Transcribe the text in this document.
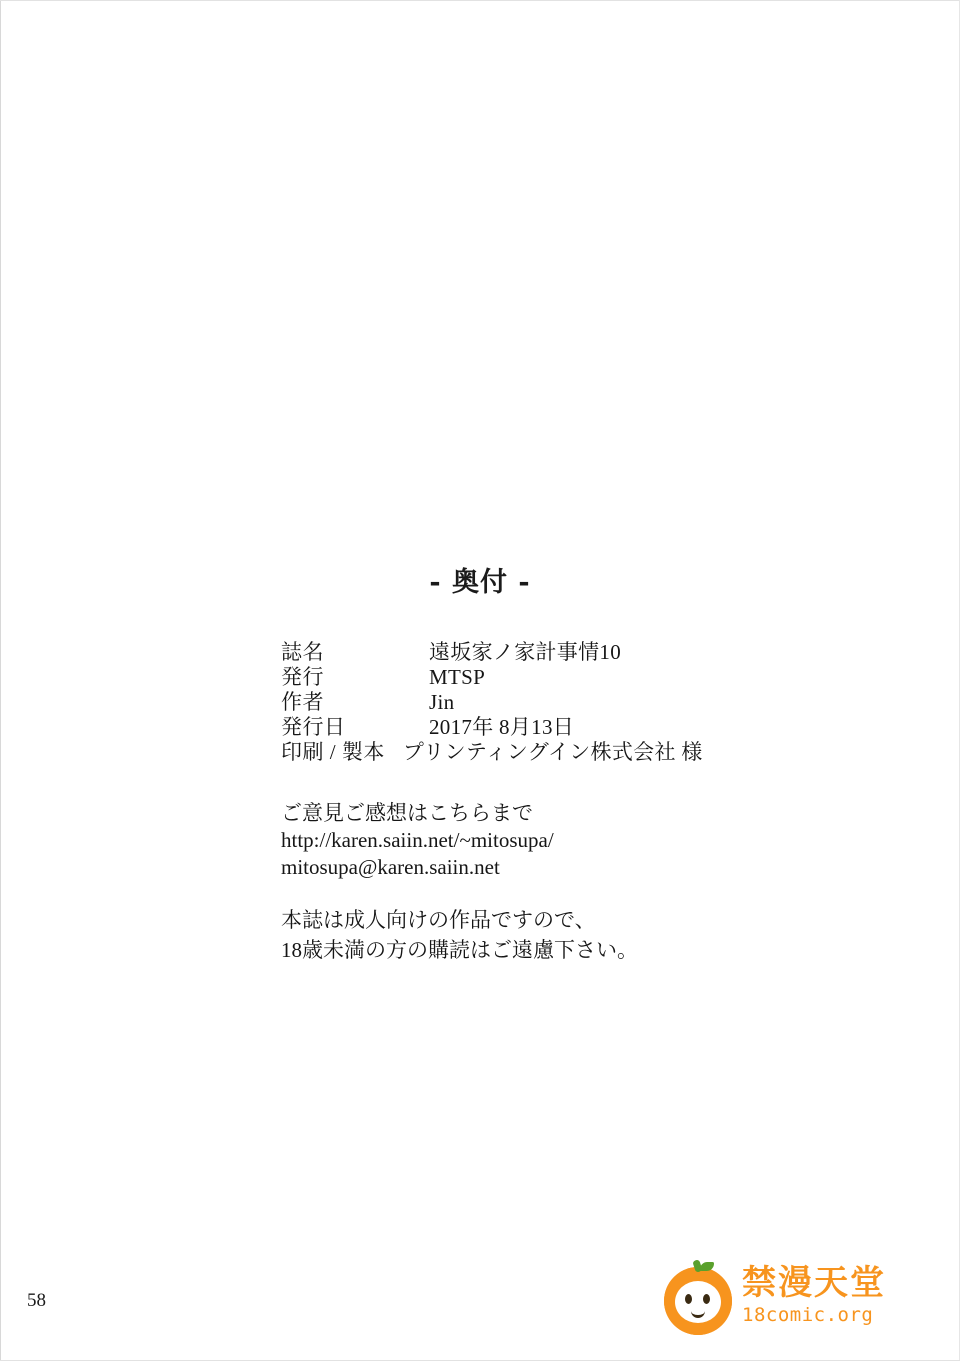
- 奥付 -
誌名	遠坂家ノ家計事情10
発行	MTSP
作者	Jin
発行日	2017年 8月13日
印刷 / 製本 プリンティングイン株式会社 様
ご意見ご感想はこちらまで
http://karen.saiin.net/~mitosupa/
mitosupa@karen.saiin.net
本誌は成人向けの作品ですので、
18歳未満の方の購読はご遠慮下さい。
58	禁漫天堂
18comic.org
